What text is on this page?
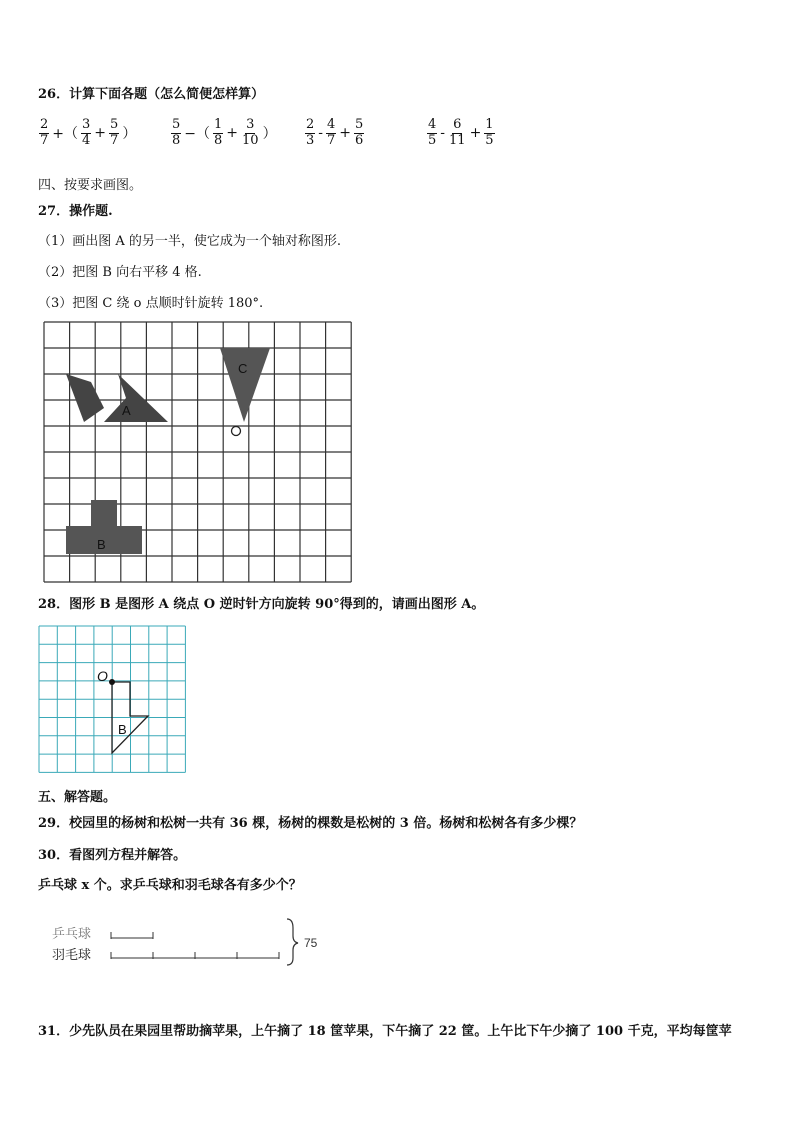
26．计算下面各题（怎么简便怎样算）
$\frac{2}{7}$ +（ $\frac{3}{4} + \frac{5}{7}$ ）	$\frac{5}{8}$ −（ $\frac{1}{8} + \frac{3}{10}$ ） $\frac{2}{3} - \frac{4}{7} + \frac{5}{6}$	$\frac{4}{5} - \frac{6}{11} + \frac{1}{5}$
四、按要求画图。
27．操作题.
（1）画出图 A 的另一半，使它成为一个轴对称图形.
（2）把图 B 向右平移 4 格.
（3）把图 C 绕 o 点顺时针旋转 180°.
A
B
C
28．图形 B 是图形 A 绕点 O 逆时针方向旋转 90°得到的，请画出图形 A。
O
B
五、解答题。
29．校园里的杨树和松树一共有 36 棵，杨树的棵数是松树的 3 倍。杨树和松树各有多少棵？
30．看图列方程并解答。
乒乓球 x 个。求乒乓球和羽毛球各有多少个？
乒乓球
羽毛球
75
31．少先队员在果园里帮助摘苹果，上午摘了 18 筐苹果，下午摘了 22 筐。上午比下午少摘了 100 千克，平均每筐苹
